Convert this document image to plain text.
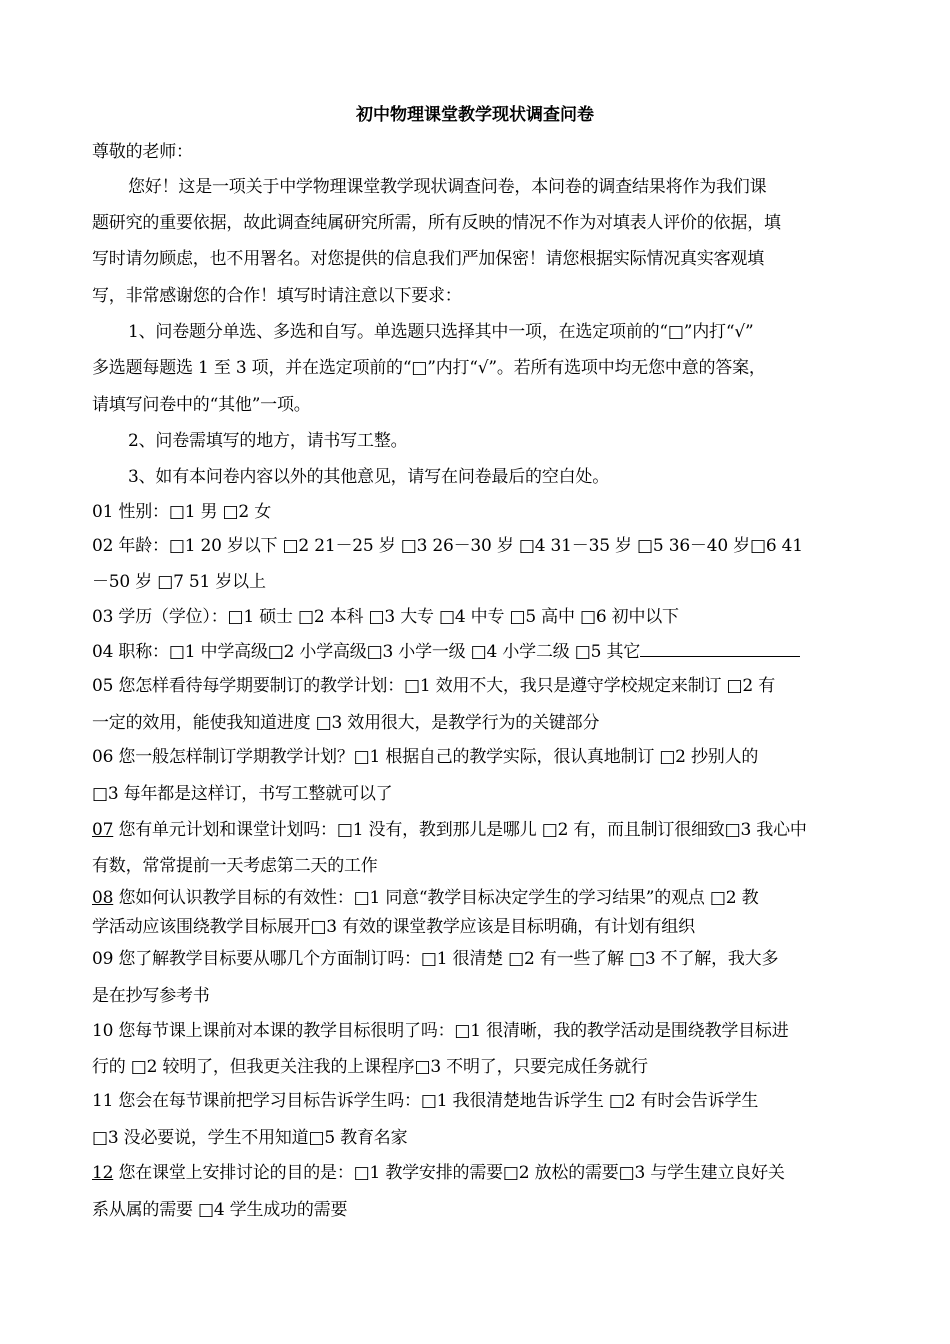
初中物理课堂教学现状调查问卷
尊敬的老师：
您好！这是一项关于中学物理课堂教学现状调查问卷，本问卷的调查结果将作为我们课
题研究的重要依据，故此调查纯属研究所需，所有反映的情况不作为对填表人评价的依据，填
写时请勿顾虑，也不用署名。对您提供的信息我们严加保密！请您根据实际情况真实客观填
写，非常感谢您的合作！填写时请注意以下要求：
1、问卷题分单选、多选和自写。单选题只选择其中一项，在选定项前的“□”内打“√”
多选题每题选 1 至 3 项，并在选定项前的“□”内打“√”。若所有选项中均无您中意的答案，
请填写问卷中的“其他”一项。
2、问卷需填写的地方，请书写工整。
3、如有本问卷内容以外的其他意见，请写在问卷最后的空白处。
01 性别：□1 男 □2 女
02 年龄：□1 20 岁以下 □2 21－25 岁 □3 26－30 岁 □4 31－35 岁 □5 36－40 岁□6 41
－50 岁 □7 51 岁以上
03 学历（学位）：□1 硕士 □2 本科 □3 大专 □4 中专 □5 高中 □6 初中以下
04 职称：□1 中学高级□2 小学高级□3 小学一级 □4 小学二级 □5 其它
05 您怎样看待每学期要制订的教学计划：□1 效用不大，我只是遵守学校规定来制订 □2 有
一定的效用，能使我知道进度 □3 效用很大，是教学行为的关键部分
06 您一般怎样制订学期教学计划？□1 根据自己的教学实际，很认真地制订 □2 抄别人的
□3 每年都是这样订，书写工整就可以了
07 您有单元计划和课堂计划吗：□1 没有，教到那儿是哪儿 □2 有，而且制订很细致□3 我心中
有数，常常提前一天考虑第二天的工作
08 您如何认识教学目标的有效性：□1 同意“教学目标决定学生的学习结果”的观点 □2 教
学活动应该围绕教学目标展开□3 有效的课堂教学应该是目标明确，有计划有组织
09 您了解教学目标要从哪几个方面制订吗：□1 很清楚 □2 有一些了解 □3 不了解，我大多
是在抄写参考书
10 您每节课上课前对本课的教学目标很明了吗：□1 很清晰，我的教学活动是围绕教学目标进
行的 □2 较明了，但我更关注我的上课程序□3 不明了，只要完成任务就行
11 您会在每节课前把学习目标告诉学生吗：□1 我很清楚地告诉学生 □2 有时会告诉学生
□3 没必要说，学生不用知道□5 教育名家
12 您在课堂上安排讨论的目的是：□1 教学安排的需要□2 放松的需要□3 与学生建立良好关
系从属的需要 □4 学生成功的需要
